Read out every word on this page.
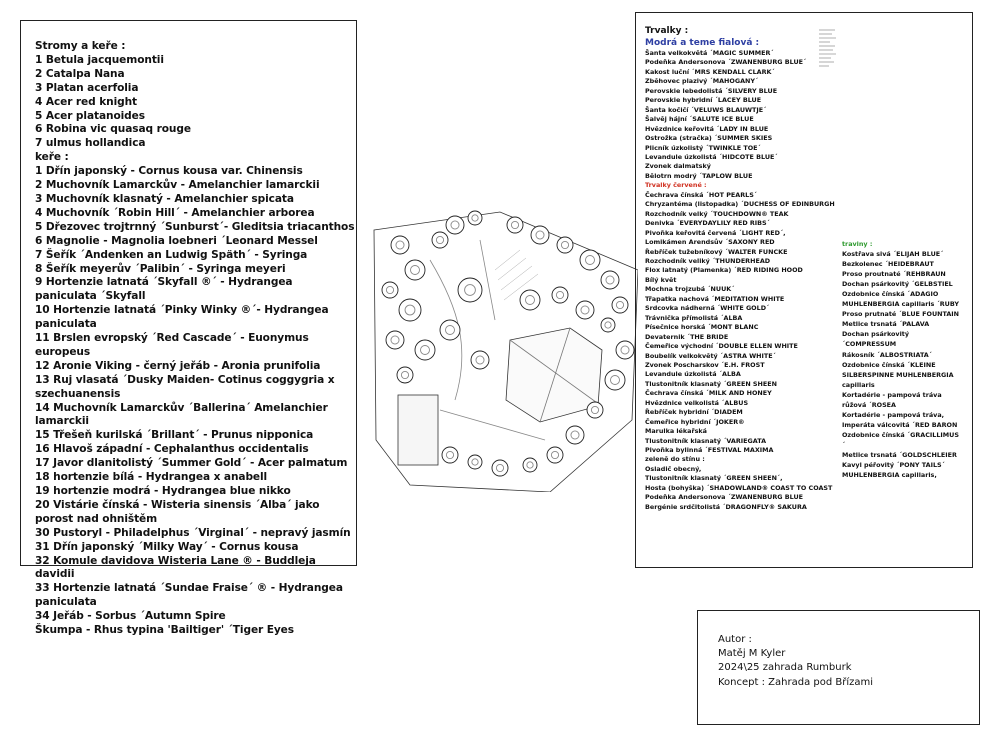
Stromy a keře :
1 Betula jacquemontii
2 Catalpa Nana
3 Platan acerfolia
4 Acer red knight
5 Acer platanoides
6 Robina vic quasaq rouge
7 ulmus hollandica
keře :
1 Dřín japonský - Cornus kousa var. Chinensis
2 Muchovník Lamarckův - Amelanchier lamarckii
3 Muchovník klasnatý - Amelanchier spicata
4 Muchovník ´Robin Hill´ - Amelanchier arborea
5 Dřezovec trojtrnný ´Sunburst´- Gleditsia triacanthos
6 Magnolie - Magnolia loebneri ´Leonard Messel
7 Šeřík ´Andenken an Ludwig Späth´ - Syringa
8 Šeřík meyerův ´Palibin´ - Syringa meyeri
9 Hortenzie latnatá ´Skyfall ®´ - Hydrangea paniculata ´Skyfall
10 Hortenzie latnatá ´Pinky Winky ®´- Hydrangea paniculata
11 Brslen evropský ´Red Cascade´ - Euonymus europeus
12 Aronie Viking - černý jeřáb - Aronia prunifolia
13 Ruj vlasatá ´Dusky Maiden- Cotinus coggygria x szechuanensis
14 Muchovník Lamarckův ´Ballerina´ Amelanchier lamarckii
15 Třešeň kurilská ´Brillant´ - Prunus nipponica
16 Hlavoš západní - Cephalanthus occidentalis
17 Javor dlanitolistý ´Summer Gold´ - Acer palmatum
18 hortenzie bílá - Hydrangea x anabell
19 hortenzie modrá - Hydrangea blue nikko
20 Vistárie čínská - Wisteria sinensis ´Alba´ jako porost nad ohništěm
30 Pustoryl - Philadelphus ´Virginal´ - nepravý jasmín
31 Dřín japonský ´Milky Way´ - Cornus kousa
32 Komule davidova Wisteria Lane ® - Buddleja davidii
33 Hortenzie latnatá ´Sundae Fraise´ ® - Hydrangea paniculata
34 Jeřáb - Sorbus ´Autumn Spire
Škumpa - Rhus typina 'Bailtiger' ´Tiger Eyes
Trvalky :
Modrá a teme fialová :
Šanta velkokvětá ´MAGIC SUMMER´
Podeňka Andersonova ´ZWANENBURG BLUE´
Kakost luční ´MRS KENDALL CLARK´
Zběhovec plazivý ´MAHOGANY´
Perovskie lebedolistá ´SILVERY BLUE
Perovskie hybridní ´LACEY BLUE
Šanta kočičí ´VELUWS BLAUWTJE´
Šalvěj hájní ´SALUTE ICE BLUE
Hvězdnice keřovitá ´LADY IN BLUE
Ostrožka (stračka) ´SUMMER SKIES
Plicník úzkolistý ´TWINKLE TOE´
Levandule úzkolistá ´HIDCOTE BLUE´
Zvonek dalmatský
Bělotrn modrý ´TAPLOW BLUE
Trvalky červené :
Čechrava čínská ´HOT PEARLS´
Chryzantéma (listopadka) ´DUCHESS OF EDINBURGH
Rozchodník velký ´TOUCHDOWN® TEAK
Denivka ´EVERYDAYLILY RED RIBS´
Pivoňka keřovitá červená ´LIGHT RED´,
Lomikámen Arendsův ´SAXONY RED
Řebříček tužebníkový ´WALTER FUNCKE
Rozchodník veliký ´THUNDERHEAD
Flox latnatý (Plamenka) ´RED RIDING HOOD
Bílý květ
Mochna trojzubá ´NUUK´
Třapatka nachová ´MEDITATION WHITE
Srdcovka nádherná ´WHITE GOLD´
Trávnička přímolistá ´ALBA
Písečnice horská ´MONT BLANC
Devaternik ´THE BRIDE
Čemeřice východní ´DOUBLE ELLEN WHITE
Boubelík velkokvětý ´ASTRA WHITE´
Zvonek Poscharskov ´E.H. FROST
Levandule úzkolistá ´ALBA
Tlustonitník klasnatý ´GREEN SHEEN
Čechrava čínská ´MILK AND HONEY
Hvězdnice velkolistá ´ALBUS
Řebříček hybridní ´DIADEM
Čemeřice hybridní ´JOKER®
Marulka lékařská
Tlustonitník klasnatý ´VARIEGATA
Pivoňka bylinná ´FESTIVAL MAXIMA
zeleně do stínu :
Osladič obecný,
Tlustonitník klasnatý ´GREEN SHEEN´,
Hosta (bohyška) ´SHADOWLAND® COAST TO COAST
Podeňka Andersonova ´ZWANENBURG BLUE
Bergénie srdčitolistá ´DRAGONFLY® SAKURA
traviny :
Kostřava sivá ´ELIJAH BLUE´
Bezkolenec ´HEIDEBRAUT
Proso proutnaté ´REHBRAUN
Dochan psárkovitý ´GELBSTIEL
Ozdobnice čínská ´ADAGIO MUHLENBERGIA capillaris ´RUBY
Proso prutnaté ´BLUE FOUNTAIN
Metlice trsnatá ´PALAVA
Dochan psárkovitý ´COMPRESSUM
Rákosník ´ALBOSTRIATA´
Ozdobnice čínská ´KLEINE SILBERSPINNE MUHLENBERGIA capillaris
Kortadérie - pampová tráva růžová ´ROSEA
Kortadérie - pampová tráva, Imperáta válcovitá ´RED BARON
Ozdobnice čínská ´GRACILLIMUS´
Metlice trsnatá ´GOLDSCHLEIER
Kavyl péřovitý ´PONY TAILS´
MUHLENBERGIA capillaris,
Autor :
Matěj M Kyler
2024\25 zahrada Rumburk
Koncept : Zahrada pod Břízami
